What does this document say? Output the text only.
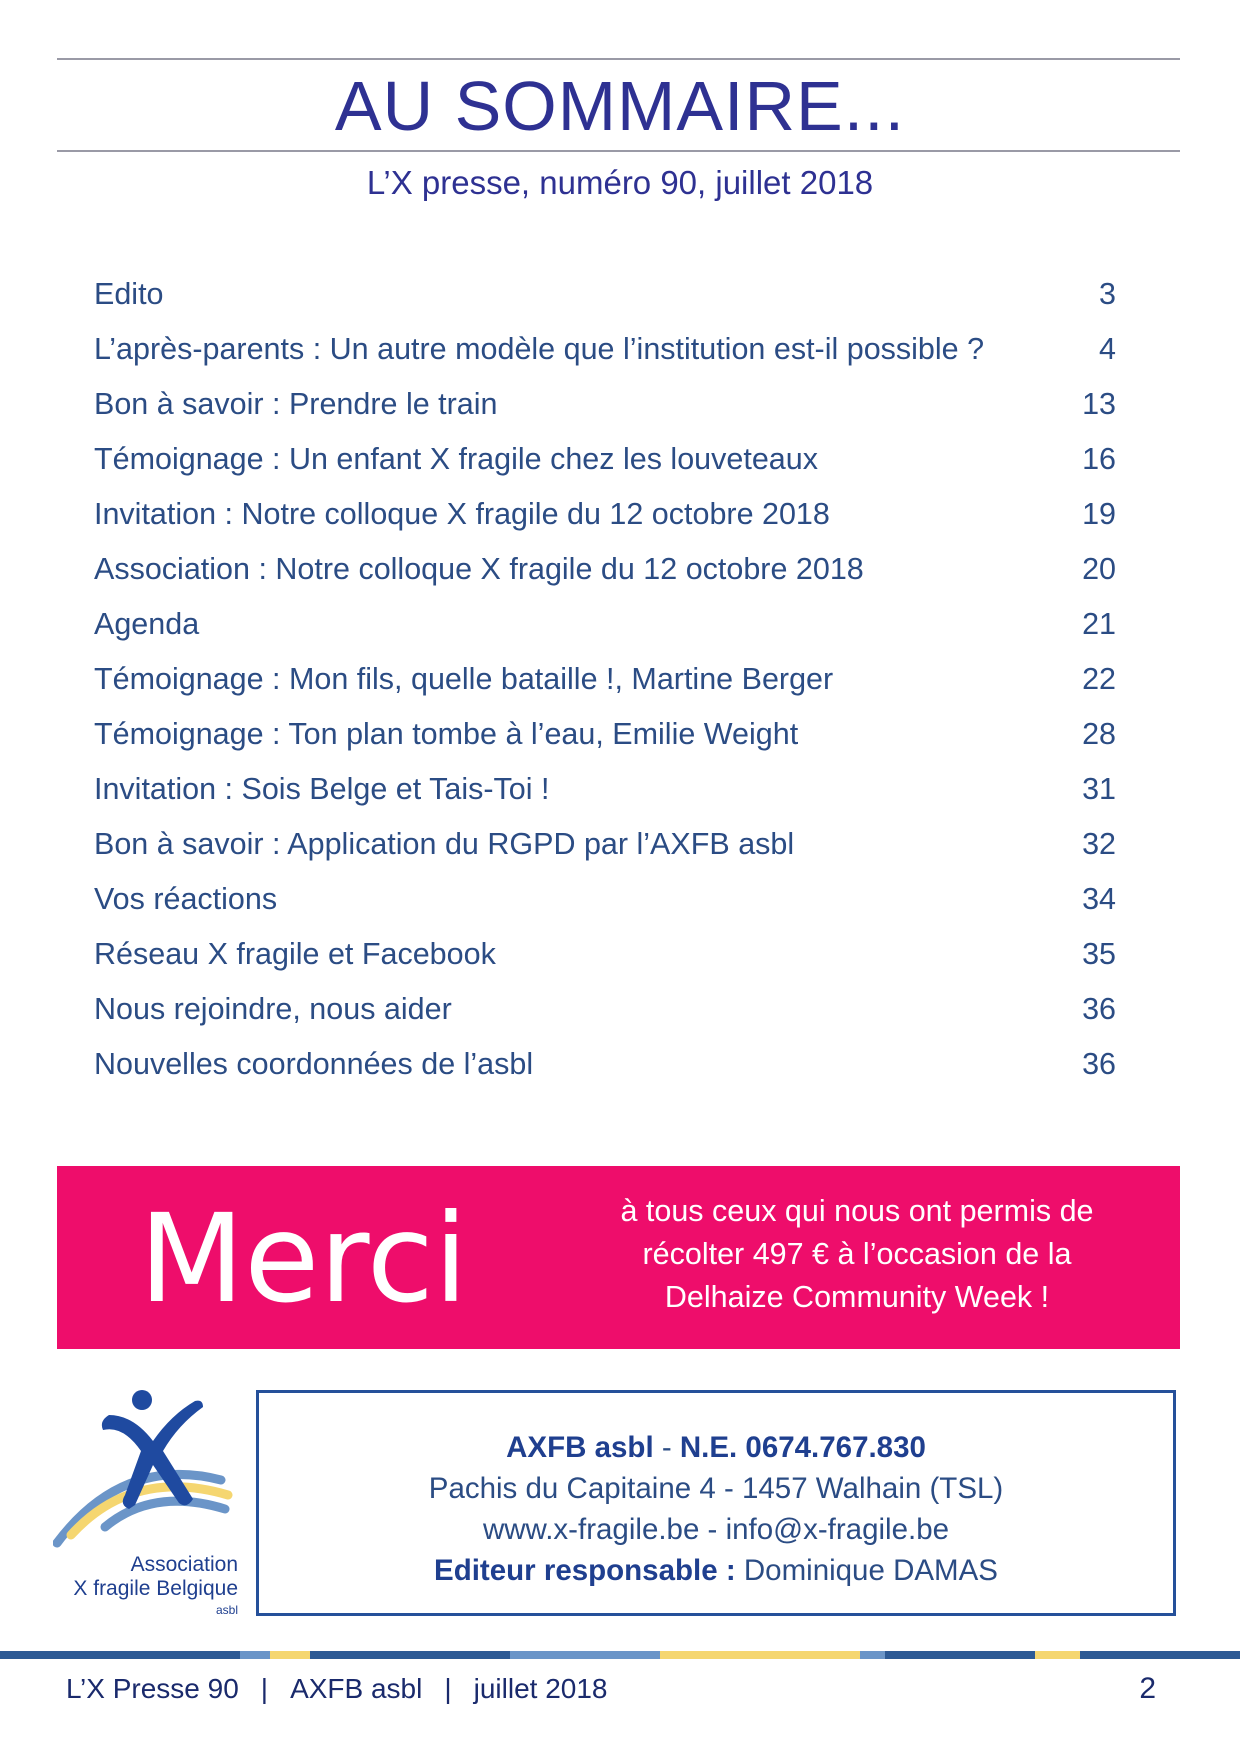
AU SOMMAIRE...
L’X presse, numéro 90, juillet 2018
Edito	3
L’après-parents : Un autre modèle que l’institution est-il possible ?	4
Bon à savoir : Prendre le train	13
Témoignage : Un enfant X fragile chez les louveteaux	16
Invitation : Notre colloque X fragile du 12 octobre 2018	19
Association : Notre colloque X fragile du 12 octobre 2018	20
Agenda	21
Témoignage : Mon fils, quelle bataille !, Martine Berger	22
Témoignage : Ton plan tombe à l’eau, Emilie Weight	28
Invitation : Sois Belge et Tais-Toi !	31
Bon à savoir : Application du RGPD par l’AXFB asbl	32
Vos réactions	34
Réseau X fragile et Facebook	35
Nous rejoindre, nous aider	36
Nouvelles coordonnées de l’asbl	36
Merci	à tous ceux qui nous ont permis de
récolter 497 € à l’occasion de la
Delhaize Community Week !
Association
X fragile Belgique
asbl
AXFB asbl - N.E. 0674.767.830
Pachis du Capitaine 4 - 1457 Walhain (TSL)
www.x-fragile.be - info@x-fragile.be
Editeur responsable : Dominique DAMAS
L’X Presse 90 | AXFB asbl | juillet 2018	2
